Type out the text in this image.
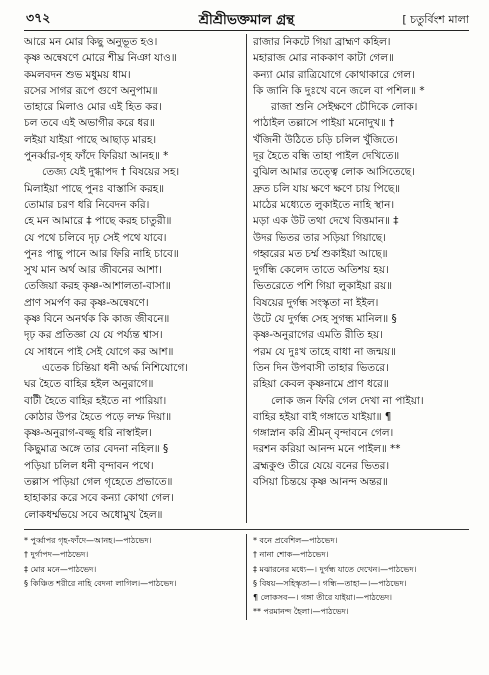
৩৭২	শ্রীশ্রীভক্তমাল গ্রন্থ	[ চতুর্বিংশ মালা
আরে মন মোর কিছু অনুভূত হও।
কৃষ্ণ অন্বেষণে মোরে শীঘ্র নিঞা যাও॥
কমলবদন শুভ মধুময় ধাম।
রসের সাগর রূপে গুণে অনুপাম॥
তাহারে মিলাও মোর এই হিত কর।
চল তবে এই অভাগীর করে ধর॥
লইয়া যাইয়া পাছে আছাড় মারহ।
পুনর্ব্বার-গৃহ ফাঁদে ফিরিয়া আনহ॥ *
তেজ্য যেই দুগ্ধাপদ † বিষয়ের সহ।
মিলাইয়া পাছে পুনঃ বাস্তাসি করহ॥
তোমার চরণ ধরি নিবেদন করি।
হে মন আমারে ‡ পাছে করহ চাতুরী॥
যে পথে চলিবে দৃঢ় সেই পথে যাবে।
পুনঃ পাছু পানে আর ফিরি নাহি চাবে॥
সুখ মান অর্থ আর জীবনের আশা।
তেজিয়া করহ কৃষ্ণ-আশালতা-বাসা॥
প্রাণ সমর্পণ কর কৃষ্ণ-অন্বেষণে।
কৃষ্ণ বিনে অনর্থক কি কাজ জীবনে॥
দৃঢ় কর প্রতিজ্ঞা যে যে পর্য্যন্ত শ্বাস।
যে সাধনে পাই সেই যোগে কর আশ॥
এতেক চিন্তিয়া ধনী অর্দ্ধ নিশিযোগে।
ঘর হৈতে বাহির হইল অনুরাগে॥
বাটী হৈতে বাহির হইতে না পারিয়া।
কোঠার উপর হৈতে পড়ে লম্ফ দিয়া॥
কৃষ্ণ-অনুরাগ-বজ্জু ধরি নাস্বাইল।
কিছুমাত্র অঙ্গে তার বেদনা নহিল॥ §
পড়িয়া চলিল ধনী বৃন্দাবন পথে।
তল্লাস পড়িয়া গেল গৃহেতে প্রভাতে॥
হাহাকার করে সবে কন্যা কোথা গেল।
লোকধর্ম্মভয়ে সবে অধোমুখ হৈল॥
রাজার নিকটে গিয়া ব্রাহ্মণ কহিল।
মহারাজ মোর নাককাণ কাটা গেল॥
কন্যা মোর রাত্রিযোগে কোথাকারে গেল।
কি জানি কি দুঃখে বনে জলে বা পশিল॥ *
রাজা শুনি সেইক্ষণে চৌদিকে লোক।
পাঠাইল তল্লাসে পাইয়া মনোদুখ॥ †
খঁজিনী উঠিতে চড়ি চলিল খুঁজিতে।
দূর হৈতে বন্ধি তাহা পাইল দেখিতে॥
বুঝিল আমার তত্ত্বে লোক আসিতেছে।
দ্রুত চলি যায় ক্ষণে ক্ষণে চায় পিছে॥
মাঠের মধ্যেতে লুকাইতে নাহি স্থান।
মড়া এক উট তথা দেখে বিত্তমান॥ ‡
উদর ভিতর তার সড়িয়া গিয়াছে।
গহ্বরের মত চর্ম্ম শুকাইয়া আছে॥
দুর্গন্ধি কেলেদ তাতে অতিশয় হয়।
ভিতরেতে পশি গিয়া লুকাইয়া রয়॥
বিষয়ের দুর্গন্ধ সংস্কৃতা না ইইল।
উটে যে দুর্গন্ধ সেহ সুগন্ধ মানিল॥ §
কৃষ্ণ-অনুরাগের এমতি রীতি হয়।
পরম যে দুঃখ তাহে বাধা না জন্ময়॥
তিন দিন উপবাসী তাহার ভিতরে।
রহিয়া কেবল কৃষ্ণনামে প্রাণ ধরে॥
লোক জন ফিরি গেল দেখা না পাইয়া।
বাহির হইয়া বাই গঙ্গাতে যাইয়া॥ ¶
গঙ্গাস্নান করি শ্রীমন্ বৃন্দাবনে গেল।
দরশন করিয়া আনন্দ মনে পাইল॥ **
ব্রহ্মকুণ্ড তীরে যেয়ে বনের ভিতর।
বসিয়া চিন্তয়ে কৃষ্ণ আনন্দ অন্তর॥
* পুর্ব্বাপর গৃহ-ফাঁদে—আনহ।—পাঠভেদ।
† দুর্গাপদ—পাঠভেদ।
‡ মোর মনে—পাঠভেদ।
§ কিঞ্চিত শরীরে নাহি বেদনা লাগিল।—পাঠভেদ।
* বনে প্রবেশিল—পাঠভেদ।
† নানা শোক—পাঠভেদ।
‡ মঝারনের মধ্যে—। দুর্গন্ধ যাতে দেখেন।—পাঠভেদ।
§ বিষয়—সহিস্কৃতা—। গন্ধি—তাহা—।—পাঠভেদ।
¶ লোকসব—। গঙ্গা তীরে যাইয়া।—পাঠভেদ।
** পরমানন্দ হৈলা।—পাঠভেদ।
